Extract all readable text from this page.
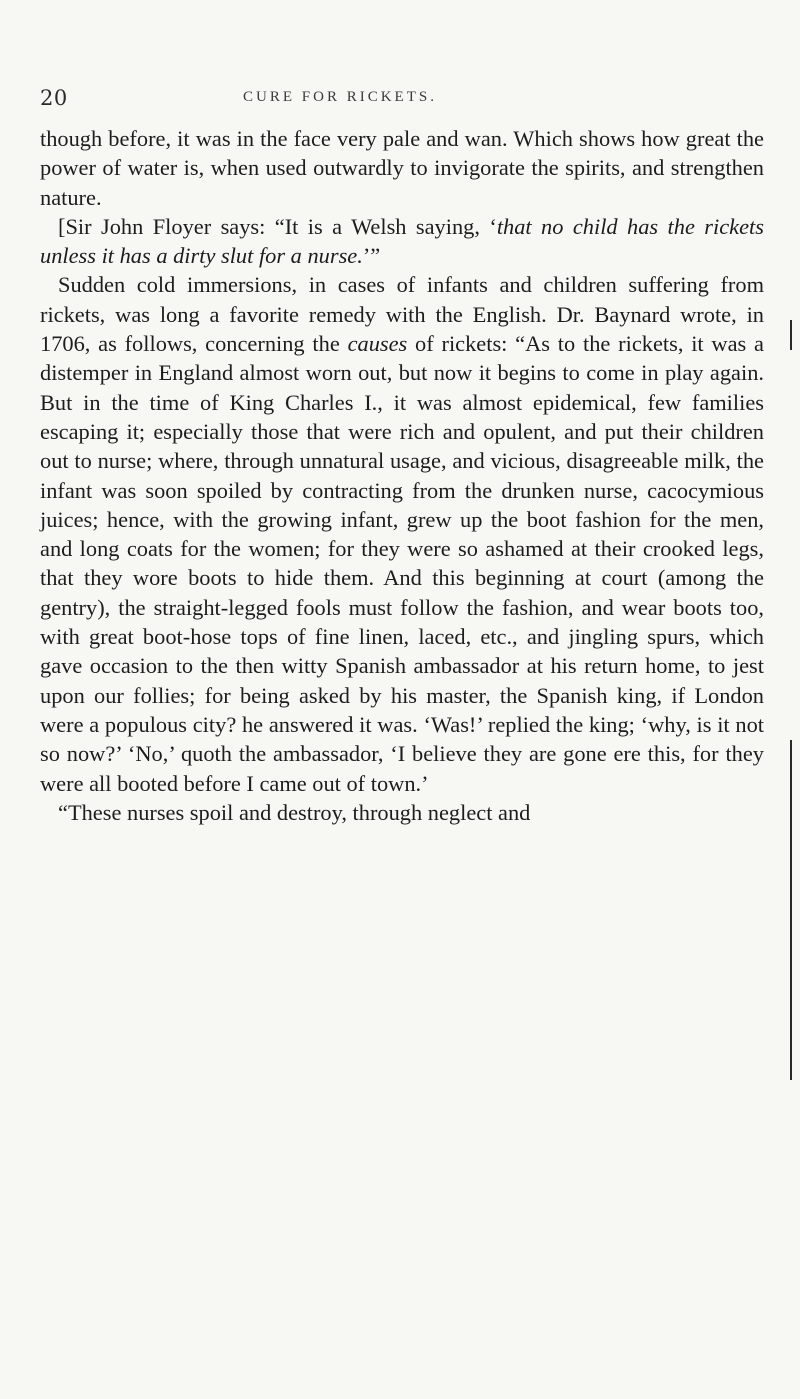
20	CURE FOR RICKETS.

though before, it was in the face very pale and wan. Which shows how great the power of water is, when used outwardly to invigorate the spirits, and strengthen nature.

[Sir John Floyer says: “It is a Welsh saying, ‘that no child has the rickets unless it has a dirty slut for a nurse.’”

Sudden cold immersions, in cases of infants and children suffering from rickets, was long a favorite remedy with the English. Dr. Baynard wrote, in 1706, as follows, concerning the causes of rickets: “As to the rickets, it was a distemper in England almost worn out, but now it begins to come in play again. But in the time of King Charles I., it was almost epidemical, few families escaping it; especially those that were rich and opulent, and put their children out to nurse; where, through unnatural usage, and vicious, disagreeable milk, the infant was soon spoiled by contracting from the drunken nurse, cacocymious juices; hence, with the growing infant, grew up the boot fashion for the men, and long coats for the women; for they were so ashamed at their crooked legs, that they wore boots to hide them. And this beginning at court (among the gentry), the straight-legged fools must follow the fashion, and wear boots too, with great boot-hose tops of fine linen, laced, etc., and jingling spurs, which gave occasion to the then witty Spanish ambassador at his return home, to jest upon our follies; for being asked by his master, the Spanish king, if London were a populous city? he answered it was. ‘Was!’ replied the king; ‘why, is it not so now?’ ‘No,’ quoth the ambassador, ‘I believe they are gone ere this, for they were all booted before I came out of town.’

“These nurses spoil and destroy, through neglect and
